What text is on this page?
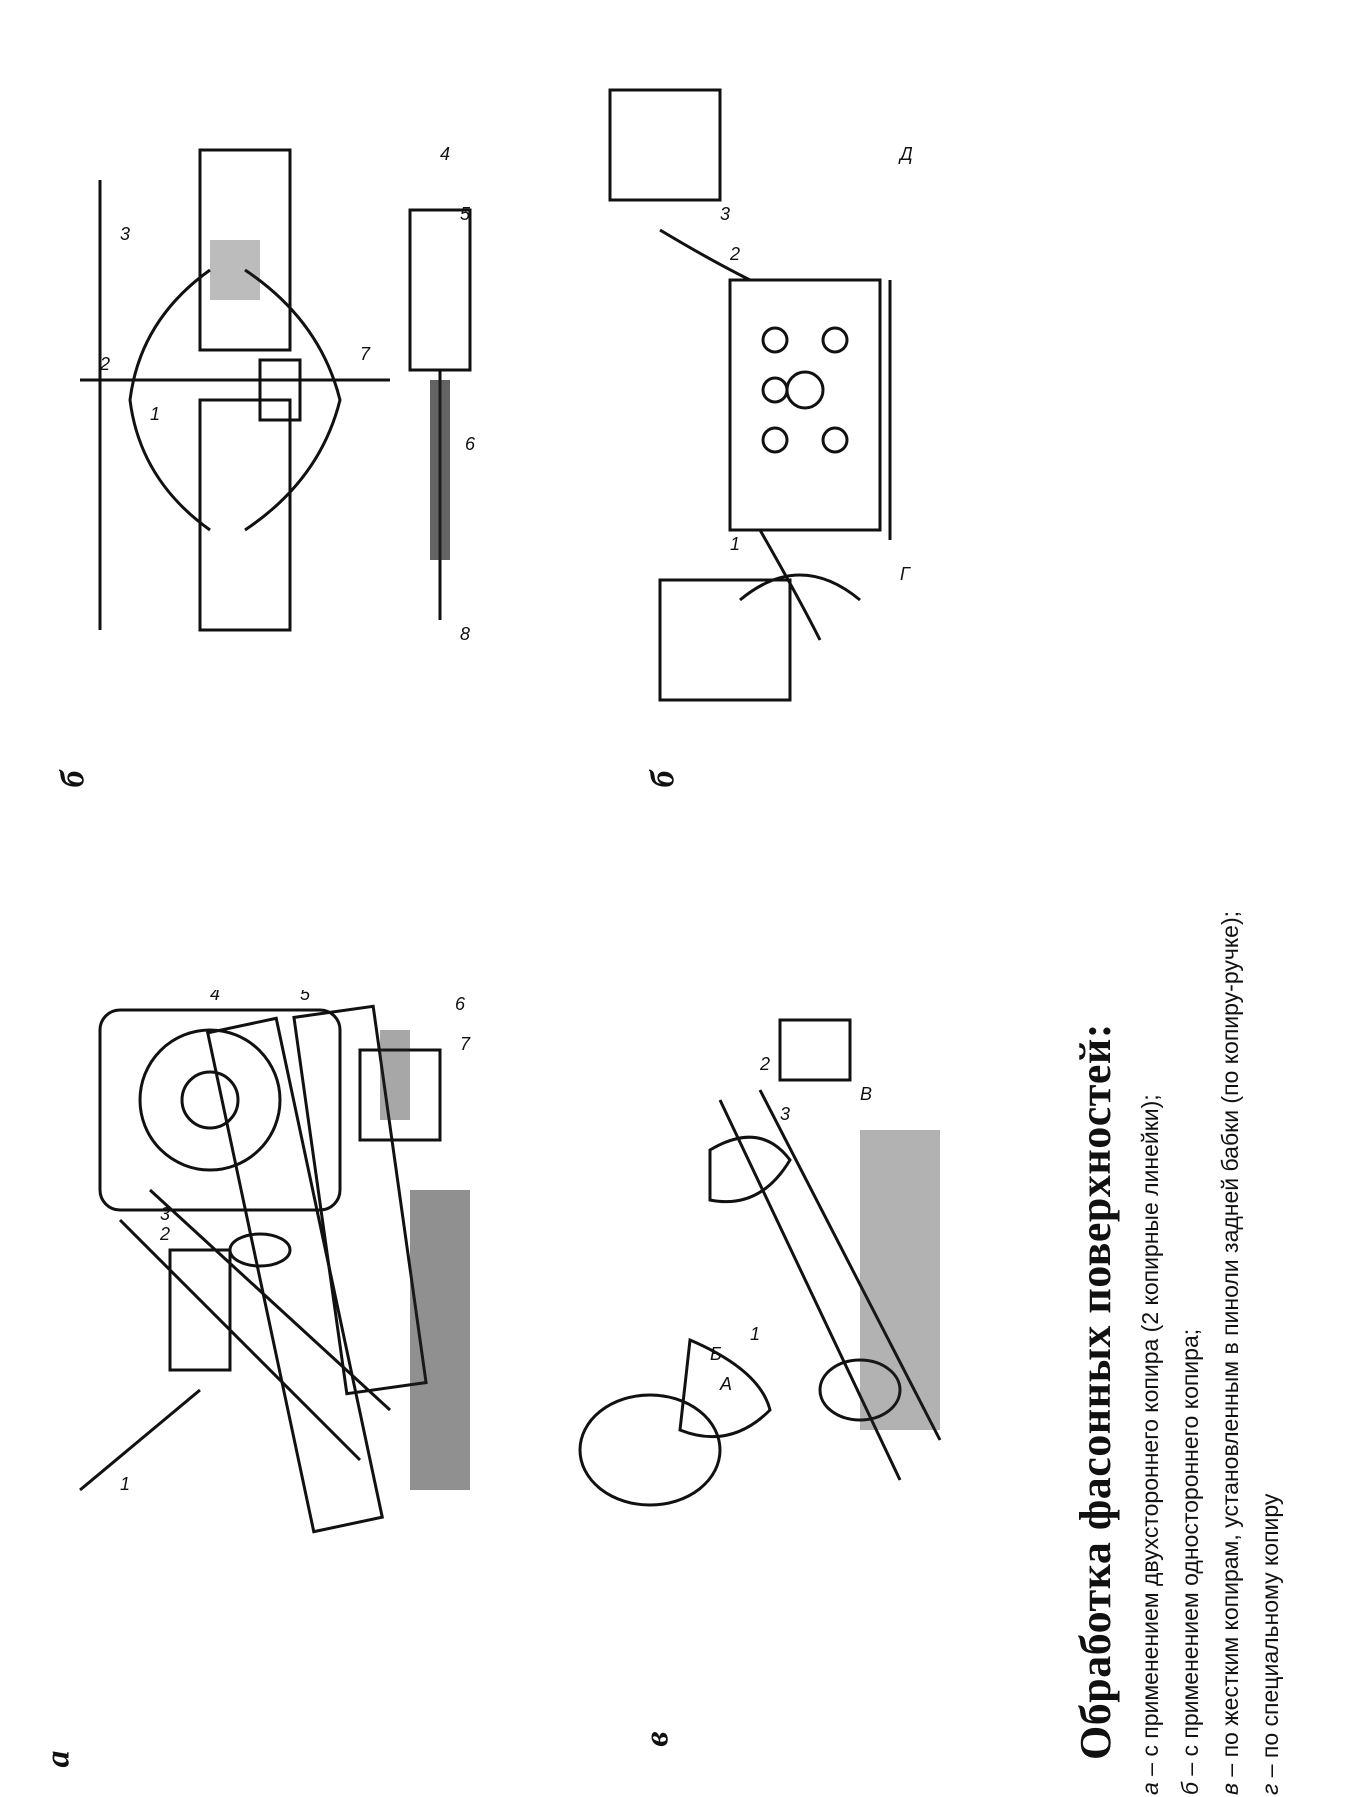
1
2
3
4	5	6
7
а
1
2
3
4
5
6
7
8
б
1
2
3
А
Б
В
в
1
2
3
Г
Д
б
Обработка фасонных поверхностей:
а – с применением двухстороннего копира (2 копирные линейки);
б – с применением одностороннего копира;
в – по жестким копирам, установленным в пиноли задней бабки (по копиру-ручке);
г – по специальному копиру
